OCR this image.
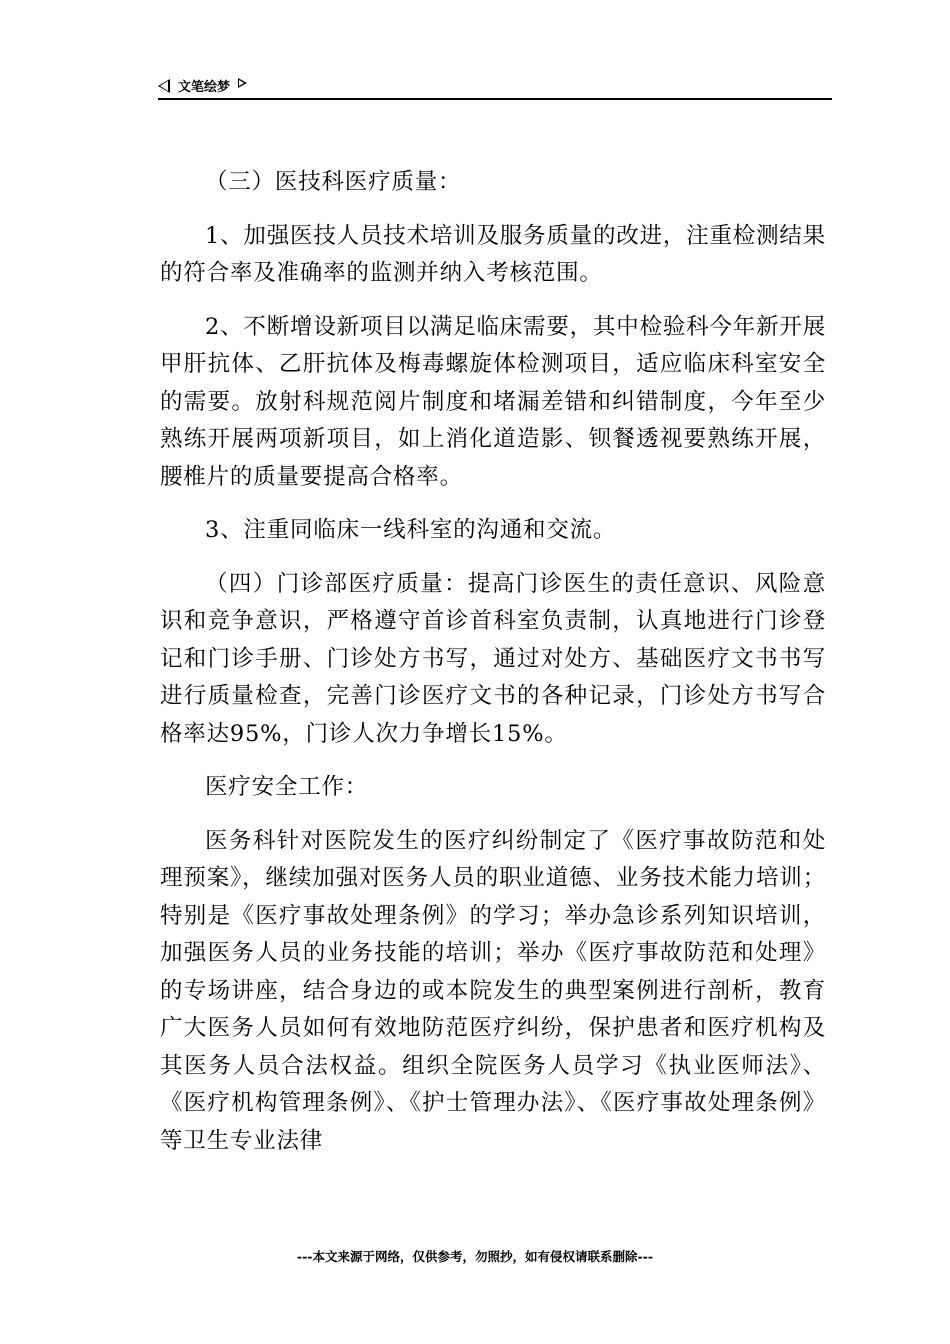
文笔绘梦

（三）医技科医疗质量：

1、加强医技人员技术培训及服务质量的改进，注重检测结果的符合率及准确率的监测并纳入考核范围。

2、不断增设新项目以满足临床需要，其中检验科今年新开展甲肝抗体、乙肝抗体及梅毒螺旋体检测项目，适应临床科室安全的需要。放射科规范阅片制度和堵漏差错和纠错制度，今年至少熟练开展两项新项目，如上消化道造影、钡餐透视要熟练开展，腰椎片的质量要提高合格率。

3、注重同临床一线科室的沟通和交流。

（四）门诊部医疗质量：提高门诊医生的责任意识、风险意识和竞争意识，严格遵守首诊首科室负责制，认真地进行门诊登记和门诊手册、门诊处方书写，通过对处方、基础医疗文书书写进行质量检查，完善门诊医疗文书的各种记录，门诊处方书写合格率达95%，门诊人次力争增长15%。

医疗安全工作：

医务科针对医院发生的医疗纠纷制定了《医疗事故防范和处理预案》，继续加强对医务人员的职业道德、业务技术能力培训；特别是《医疗事故处理条例》的学习；举办急诊系列知识培训，加强医务人员的业务技能的培训；举办《医疗事故防范和处理》的专场讲座，结合身边的或本院发生的典型案例进行剖析，教育广大医务人员如何有效地防范医疗纠纷，保护患者和医疗机构及其医务人员合法权益。组织全院医务人员学习《执业医师法》、《医疗机构管理条例》、《护士管理办法》、《医疗事故处理条例》等卫生专业法律

---本文来源于网络，仅供参考，勿照抄，如有侵权请联系删除---
